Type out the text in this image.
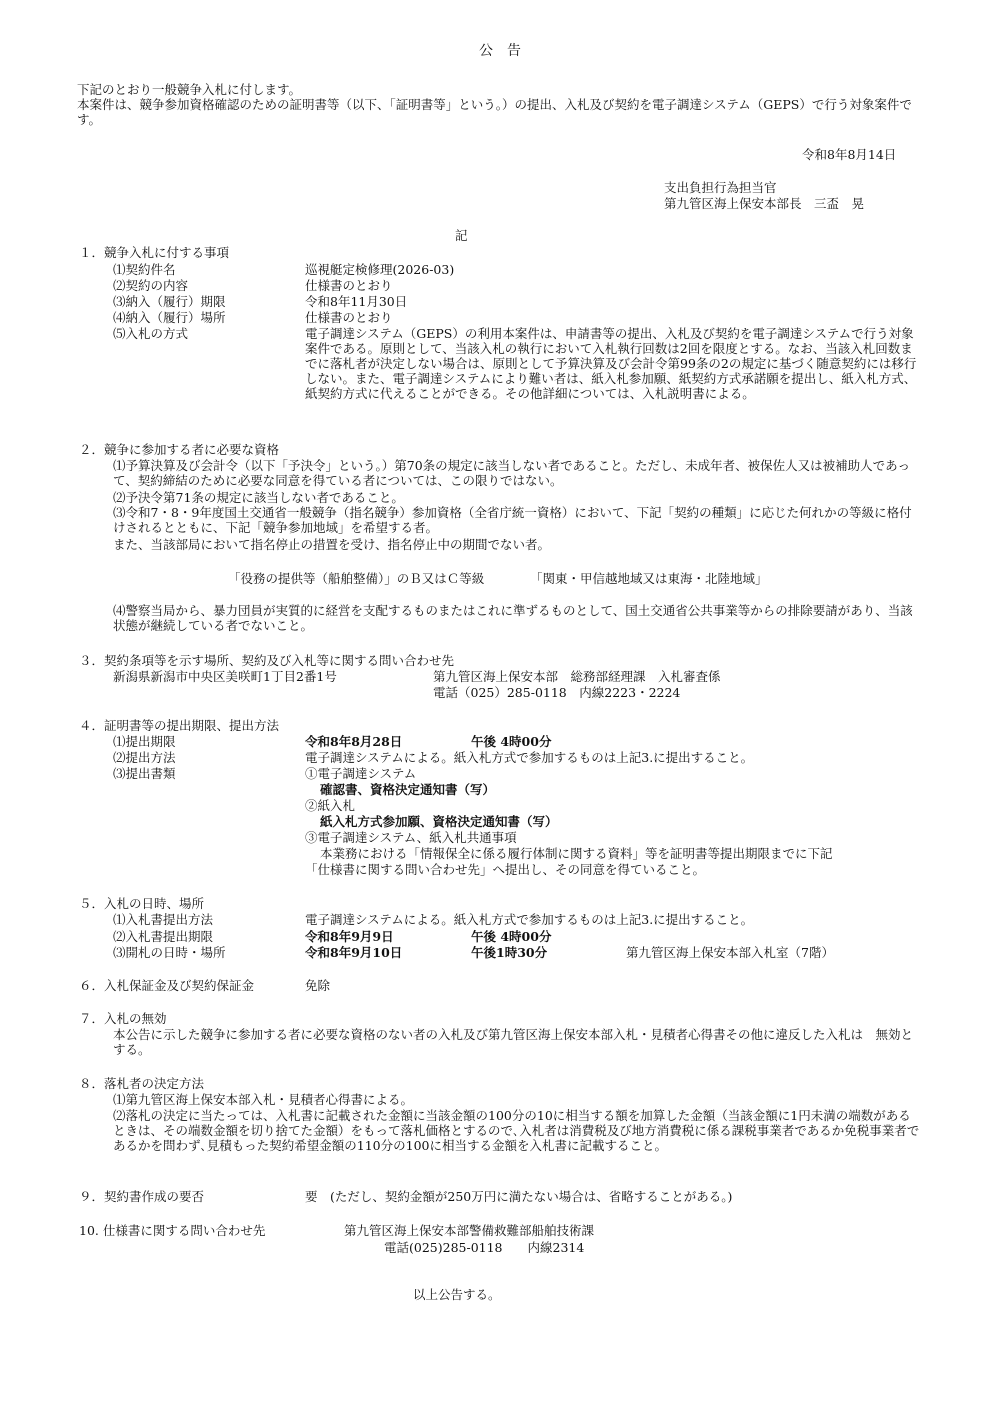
公　告

下記のとおり一般競争入札に付します。

本案件は、競争参加資格確認のための証明書等（以下、「証明書等」という。）の提出、入札及び契約を電子調達システム（GEPS）で行う対象案件です。

令和8年8月14日
支出負担行為担当官
第九管区海上保安本部長　三盃　晃
記
１．競争入札に付する事項
⑴契約件名	巡視艇定検修理(2026-03)
⑵契約の内容	仕様書のとおり
⑶納入（履行）期限	令和8年11月30日
⑷納入（履行）場所	仕様書のとおり
⑸入札の方式	電子調達システム（GEPS）の利用本案件は、申請書等の提出、入札及び契約を電子調達システムで行う対象案件である。原則として、当該入札の執行において入札執行回数は2回を限度とする。なお、当該入札回数までに落札者が決定しない場合は、原則として予算決算及び会計令第99条の2の規定に基づく随意契約には移行しない。また、電子調達システムにより難い者は、紙入札参加願、紙契約方式承諾願を提出し、紙入札方式、紙契約方式に代えることができる。その他詳細については、入札説明書による。
２．競争に参加する者に必要な資格
⑴予算決算及び会計令（以下「予決令」という。）第70条の規定に該当しない者であること。ただし、未成年者、被保佐人又は被補助人であって、契約締結のために必要な同意を得ている者については、この限りではない。
⑵予決令第71条の規定に該当しない者であること。
⑶令和7・8・9年度国土交通省一般競争（指名競争）参加資格（全省庁統一資格）において、下記「契約の種類」に応じた何れかの等級に格付けされるとともに、下記「競争参加地域」を希望する者。
また、当該部局において指名停止の措置を受け、指名停止中の期間でない者。
「役務の提供等（船舶整備）」のＢ又はＣ等級	「関東・甲信越地域又は東海・北陸地域」
⑷警察当局から、暴力団員が実質的に経営を支配するものまたはこれに準ずるものとして、国土交通省公共事業等からの排除要請があり、当該状態が継続している者でないこと。
３．契約条項等を示す場所、契約及び入札等に関する問い合わせ先
新潟県新潟市中央区美咲町1丁目2番1号	第九管区海上保安本部　総務部経理課　入札審査係
電話（025）285-0118　内線2223・2224
４．証明書等の提出期限、提出方法
⑴提出期限	令和8年8月28日	午後 4時00分
⑵提出方法	電子調達システムによる。紙入札方式で参加するものは上記3.に提出すること。
⑶提出書類	①電子調達システム
確認書、資格決定通知書（写）
②紙入札
紙入札方式参加願、資格決定通知書（写）
③電子調達システム、紙入札共通事項
本業務における「情報保全に係る履行体制に関する資料」等を証明書等提出期限までに下記
「仕様書に関する問い合わせ先」へ提出し、その同意を得ていること。
５．入札の日時、場所
⑴入札書提出方法	電子調達システムによる。紙入札方式で参加するものは上記3.に提出すること。
⑵入札書提出期限	令和8年9月9日	午後 4時00分
⑶開札の日時・場所	令和8年9月10日	午後1時30分	第九管区海上保安本部入札室（7階）
６．入札保証金及び契約保証金	免除
７．入札の無効
本公告に示した競争に参加する者に必要な資格のない者の入札及び第九管区海上保安本部入札・見積者心得書その他に違反した入札は　無効とする。
８．落札者の決定方法
⑴第九管区海上保安本部入札・見積者心得書による。
⑵落札の決定に当たっては、入札書に記載された金額に当該金額の100分の10に相当する額を加算した金額（当該金額に1円未満の端数があるときは、その端数金額を切り捨てた金額）をもって落札価格とするので､入札者は消費税及び地方消費税に係る課税事業者であるか免税事業者であるかを問わず､見積もった契約希望金額の110分の100に相当する金額を入札書に記載すること。
９．契約書作成の要否	要　(ただし、契約金額が250万円に満たない場合は、省略することがある。)
10. 仕様書に関する問い合わせ先	第九管区海上保安本部警備救難部船舶技術課
電話(025)285-0118　　内線2314
以上公告する。
